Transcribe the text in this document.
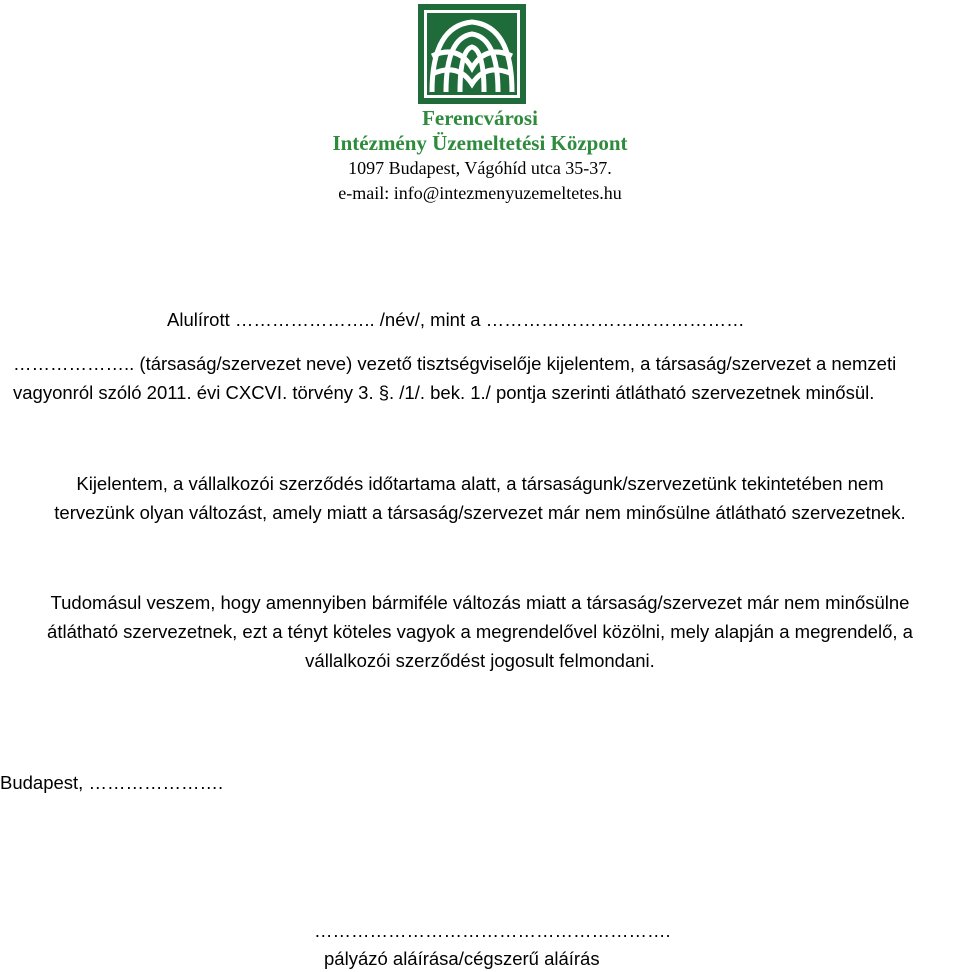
Ferencvárosi
Intézmény Üzemeltetési Központ
1097 Budapest, Vágóhíd utca 35-37.
e-mail: info@intezmenyuzemeltetes.hu
Alulírott ………………….. /név/, mint a ……………………………………
……………….. (társaság/szervezet neve) vezető tisztségviselője kijelentem, a társaság/szervezet a nemzeti
vagyonról szóló 2011. évi CXCVI. törvény 3. §. /1/. bek. 1./ pontja szerinti átlátható szervezetnek minősül.
Kijelentem, a vállalkozói szerződés időtartama alatt, a társaságunk/szervezetünk tekintetében nem
tervezünk olyan változást, amely miatt a társaság/szervezet már nem minősülne átlátható szervezetnek.
Tudomásul veszem, hogy amennyiben bármiféle változás miatt a társaság/szervezet már nem minősülne
átlátható szervezetnek, ezt a tényt köteles vagyok a megrendelővel közölni, mely alapján a megrendelő, a
vállalkozói szerződést jogosult felmondani.
Budapest, ………………….
………………………………………………….
pályázó aláírása/cégszerű aláírás
